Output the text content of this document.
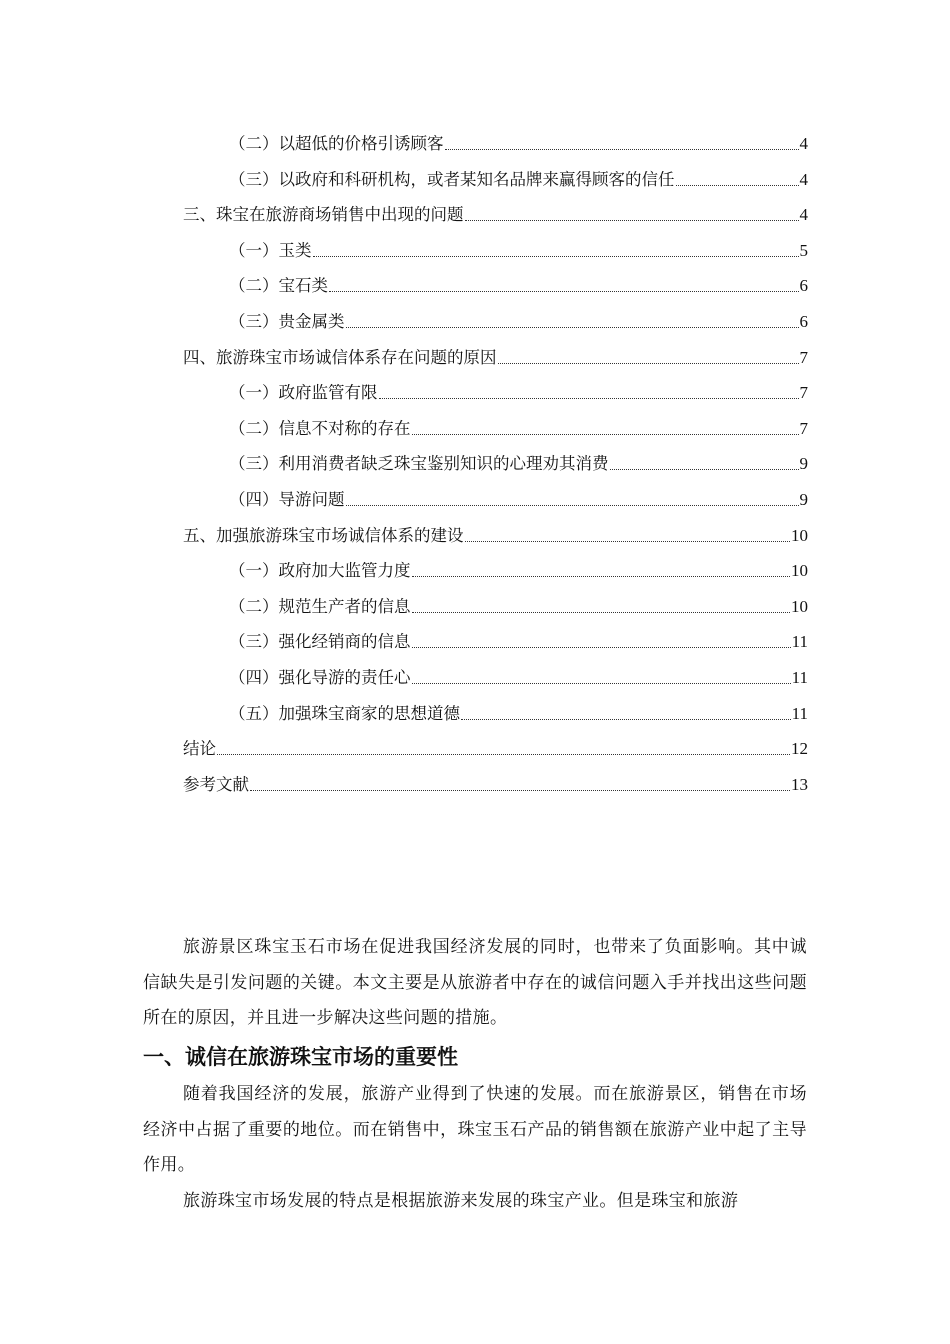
（二）以超低的价格引诱顾客	4
（三）以政府和科研机构，或者某知名品牌来赢得顾客的信任	4
三、珠宝在旅游商场销售中出现的问题	4
（一）玉类	5
（二）宝石类	6
（三）贵金属类	6
四、旅游珠宝市场诚信体系存在问题的原因	7
（一）政府监管有限	7
（二）信息不对称的存在	7
（三）利用消费者缺乏珠宝鉴别知识的心理劝其消费	9
（四）导游问题	9
五、加强旅游珠宝市场诚信体系的建设	10
（一）政府加大监管力度	10
（二）规范生产者的信息	10
（三）强化经销商的信息	11
（四）强化导游的责任心	11
（五）加强珠宝商家的思想道德	11
结论	12
参考文献	13

旅游景区珠宝玉石市场在促进我国经济发展的同时，也带来了负面影响。其中诚信缺失是引发问题的关键。本文主要是从旅游者中存在的诚信问题入手并找出这些问题所在的原因，并且进一步解决这些问题的措施。

一、诚信在旅游珠宝市场的重要性

随着我国经济的发展，旅游产业得到了快速的发展。而在旅游景区，销售在市场经济中占据了重要的地位。而在销售中，珠宝玉石产品的销售额在旅游产业中起了主导作用。

旅游珠宝市场发展的特点是根据旅游来发展的珠宝产业。但是珠宝和旅游
